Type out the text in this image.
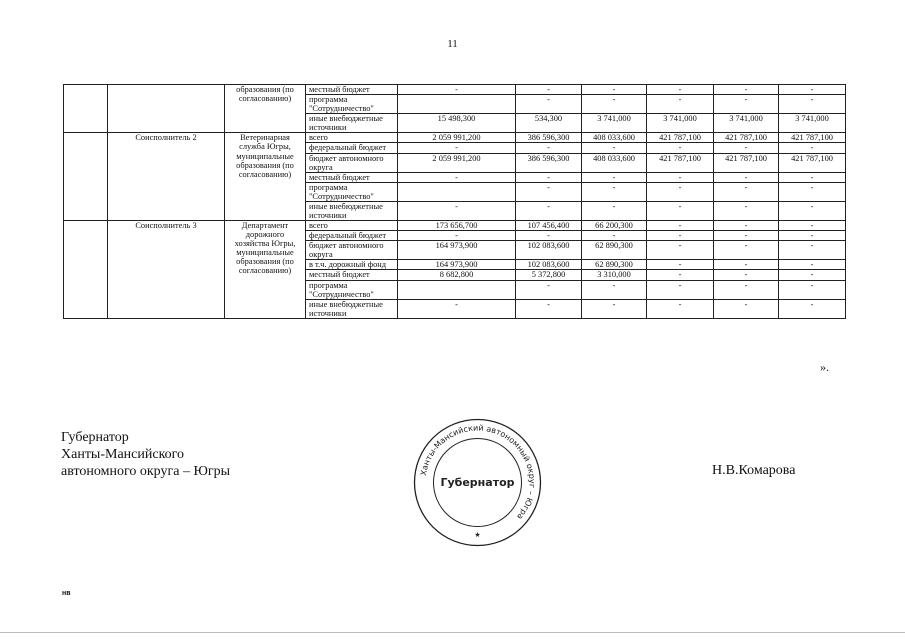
11
		образования (по согласованию)	местный бюджет	-	-	-	-	-	-
			программа "Сотрудничество"		-	-	-	-	-
			иные внебюджетные источники	15 498,300	534,300	3 741,000	3 741,000	3 741,000	3 741,000
	Соисполнитель 2	Ветеринарная служба Югры, муниципальные образования (по согласованию)	всего	2 059 991,200	386 596,300	408 033,600	421 787,100	421 787,100	421 787,100
			федеральный бюджет	-	-	-	-	-	-
			бюджет автономного округа	2 059 991,200	386 596,300	408 033,600	421 787,100	421 787,100	421 787,100
			местный бюджет	-	-	-	-	-	-
			программа "Сотрудничество"		-	-	-	-	-
			иные внебюджетные источники	-	-	-	-	-	-
	Соисполнитель 3	Департамент дорожного хозяйства Югры, муниципальные образования (по согласованию)	всего	173 656,700	107 456,400	66 200,300	-	-	-
			федеральный бюджет	-	-	-	-	-	-
			бюджет автономного округа	164 973,900	102 083,600	62 890,300	-	-	-
			в т.ч. дорожный фонд	164 973,900	102 083,600	62 890,300	-	-	-
			местный бюджет	8 682,800	5 372,800	3 310,000	-	-	-
			программа "Сотрудничество"		-	-	-	-	-
			иные внебюджетные источники	-	-	-	-	-	-
».
Губернатор
Ханты-Мансийского
автономного округа – Югры	Ханты-Мансийский автономный округ – Югра
Губернатор
★
Н.В.Комарова
нв
